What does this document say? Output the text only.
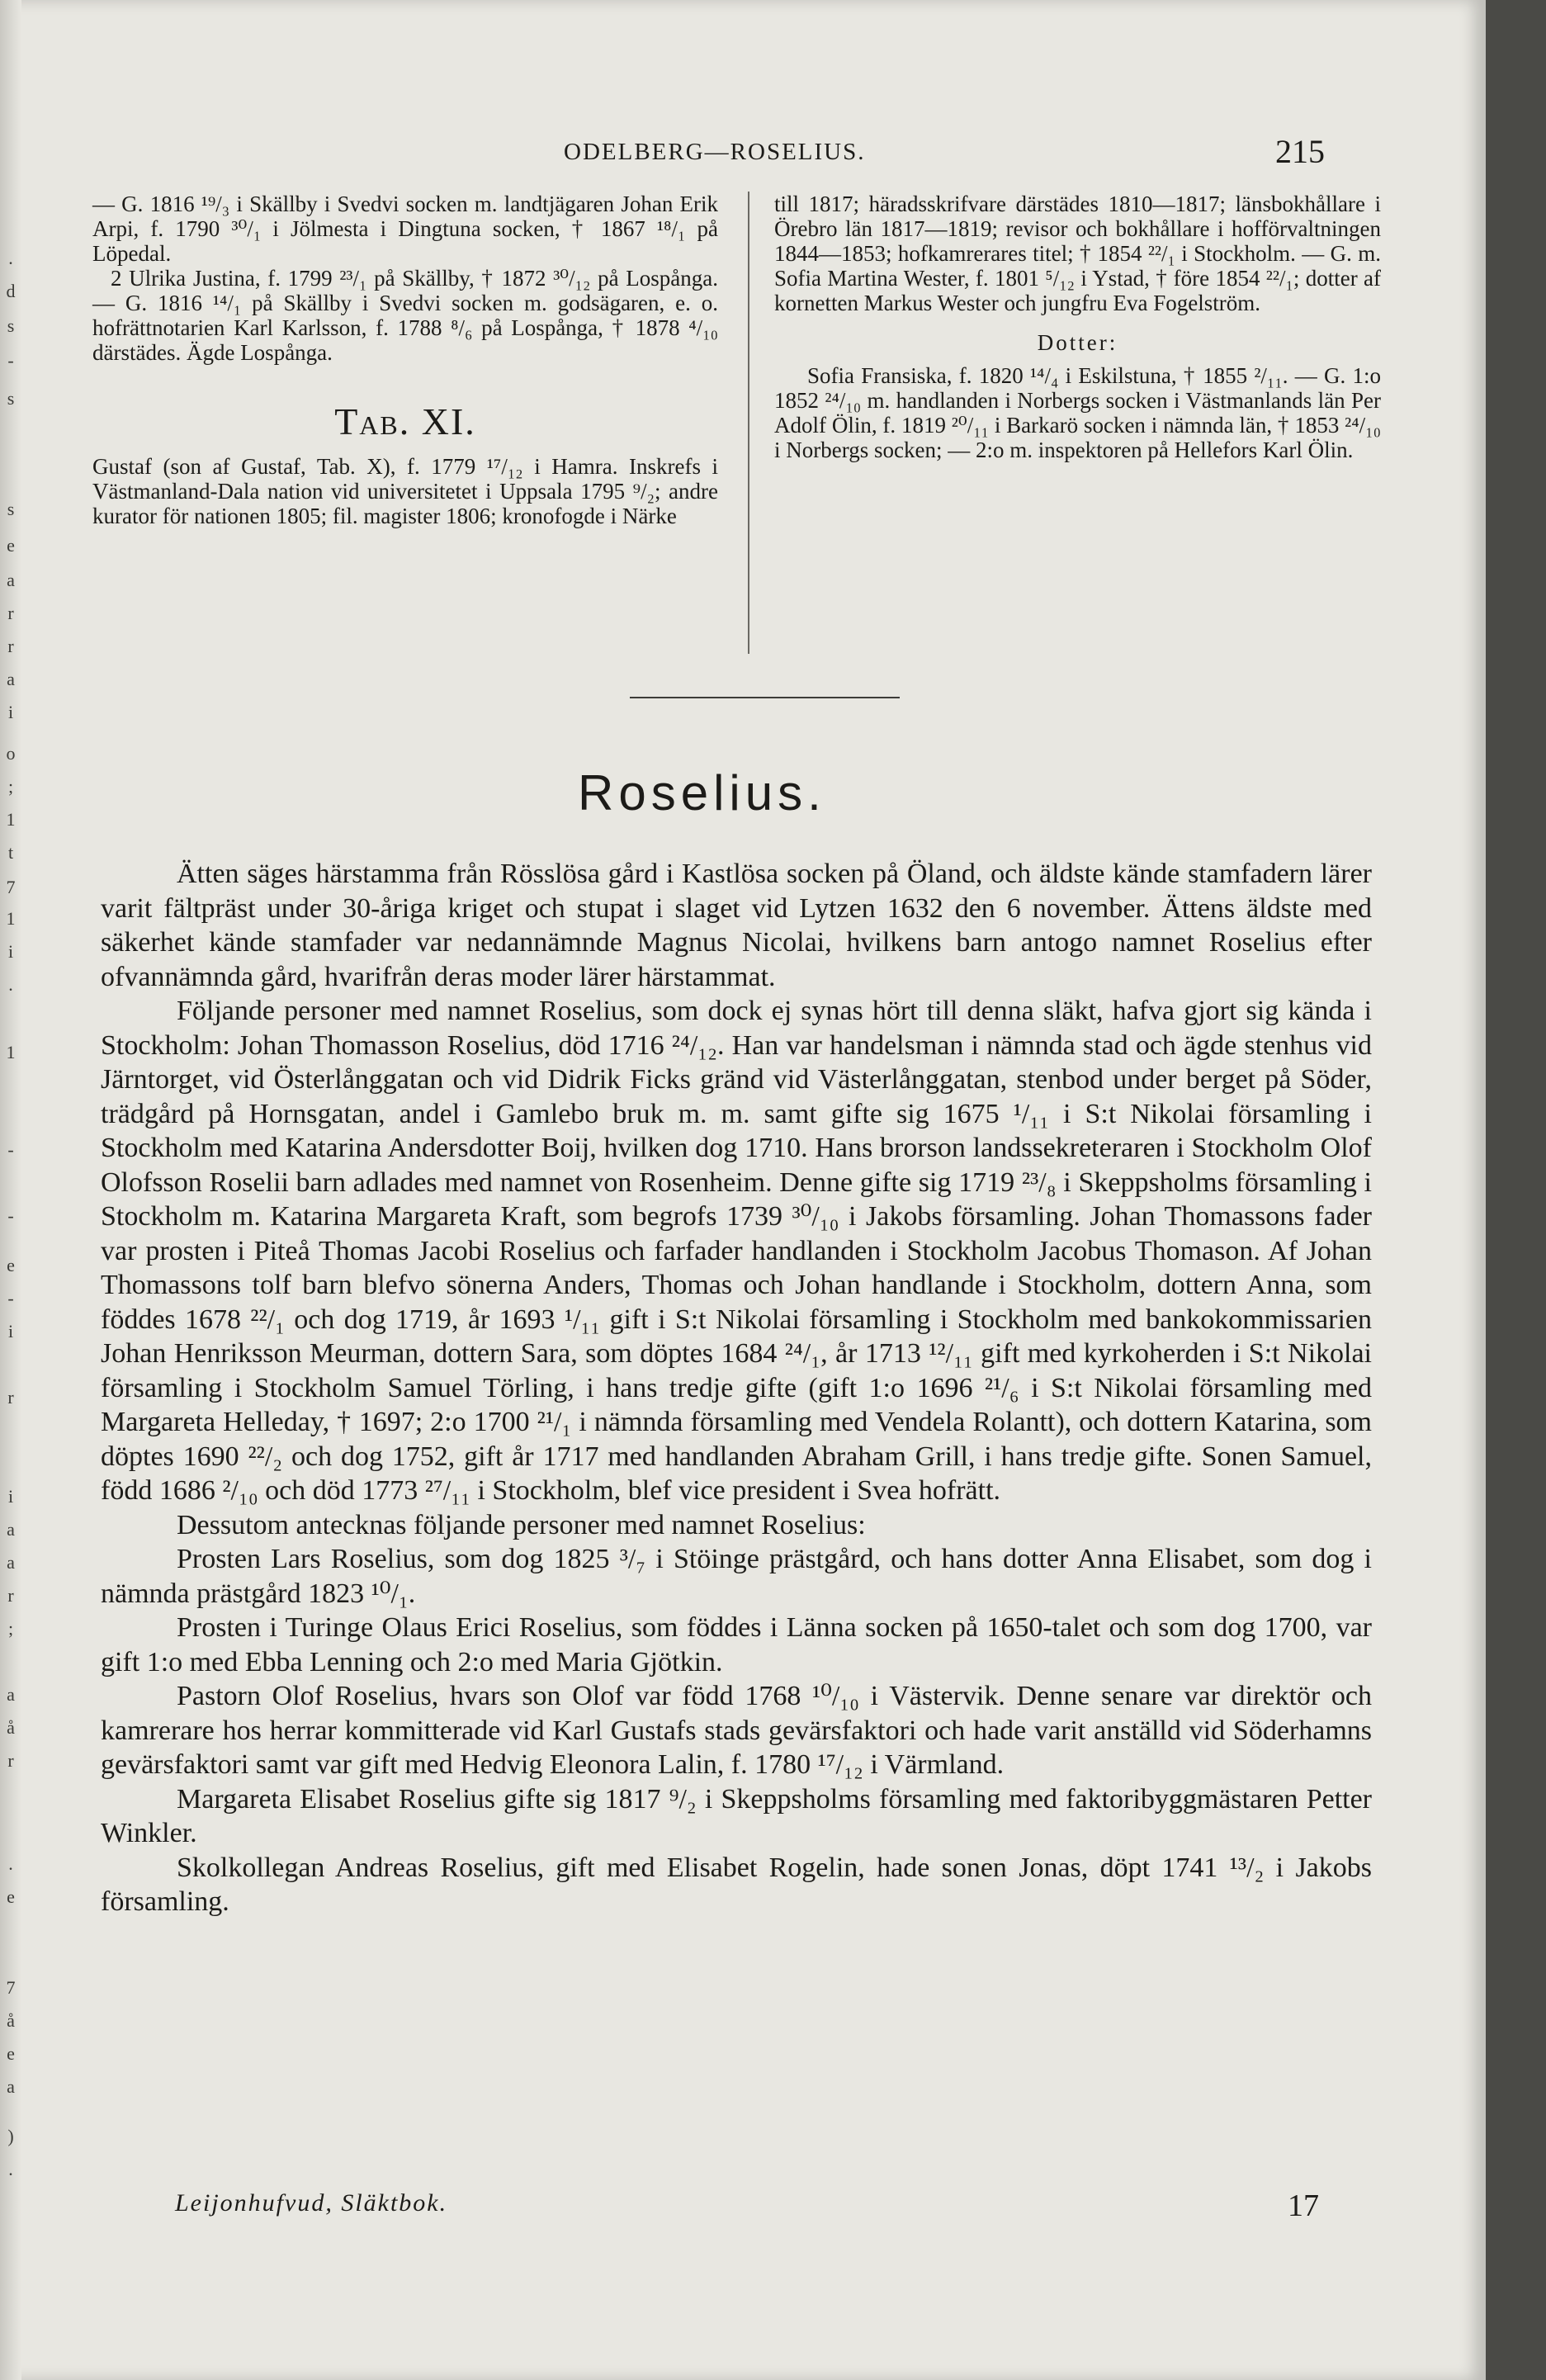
.
d
s
-
s
s
e
a
r
r
a
i
o
;
1
t
7
1
i
.
1
-
-
e
-
i
r
i
a
a
r
;
a
å
r
.
e
7
å
e
a
)
.
ODELBERG—ROSELIUS.	215

— G. 1816 ¹⁹/₃ i Skällby i Svedvi socken m. landtjägaren Johan Erik Arpi, f. 1790 ³⁰/₁ i Jölmesta i Dingtuna socken, † 1867 ¹⁸/₁ på Löpedal.

2 Ulrika Justina, f. 1799 ²³/₁ på Skällby, † 1872 ³⁰/₁₂ på Lospånga. — G. 1816 ¹⁴/₁ på Skällby i Svedvi socken m. godsägaren, e. o. hofrättnotarien Karl Karlsson, f. 1788 ⁸/₆ på Lospånga, † 1878 ⁴/₁₀ därstädes. Ägde Lospånga.

Tab. XI.

Gustaf (son af Gustaf, Tab. X), f. 1779 ¹⁷/₁₂ i Hamra. Inskrefs i Västmanland-Dala nation vid universitetet i Uppsala 1795 ⁹/₂; andre kurator för nationen 1805; fil. magister 1806; kronofogde i Närke

till 1817; häradsskrifvare därstädes 1810—1817; länsbokhållare i Örebro län 1817—1819; revisor och bokhållare i hofförvaltningen 1844—1853; hofkamrerares titel; † 1854 ²²/₁ i Stockholm. — G. m. Sofia Martina Wester, f. 1801 ⁵/₁₂ i Ystad, † före 1854 ²²/₁; dotter af kornetten Markus Wester och jungfru Eva Fogelström.

Dotter:

Sofia Fransiska, f. 1820 ¹⁴/₄ i Eskilstuna, † 1855 ²/₁₁. — G. 1:o 1852 ²⁴/₁₀ m. handlanden i Norbergs socken i Västmanlands län Per Adolf Ölin, f. 1819 ²⁰/₁₁ i Barkarö socken i nämnda län, † 1853 ²⁴/₁₀ i Norbergs socken; — 2:o m. inspektoren på Hellefors Karl Ölin.

Roselius.

Ätten säges härstamma från Rösslösa gård i Kastlösa socken på Öland, och äldste kände stamfadern lärer varit fältpräst under 30-åriga kriget och stupat i slaget vid Lytzen 1632 den 6 november. Ättens äldste med säkerhet kände stamfader var nedannämnde Magnus Nicolai, hvilkens barn antogo namnet Roselius efter ofvannämnda gård, hvarifrån deras moder lärer härstammat.

Följande personer med namnet Roselius, som dock ej synas hört till denna släkt, hafva gjort sig kända i Stockholm: Johan Thomasson Roselius, död 1716 ²⁴/₁₂. Han var handelsman i nämnda stad och ägde stenhus vid Järntorget, vid Österlånggatan och vid Didrik Ficks gränd vid Västerlånggatan, stenbod under berget på Söder, trädgård på Hornsgatan, andel i Gamlebo bruk m. m. samt gifte sig 1675 ¹/₁₁ i S:t Nikolai församling i Stockholm med Katarina Andersdotter Boij, hvilken dog 1710. Hans brorson landssekreteraren i Stockholm Olof Olofsson Roselii barn adlades med namnet von Rosenheim. Denne gifte sig 1719 ²³/₈ i Skeppsholms församling i Stockholm m. Katarina Margareta Kraft, som begrofs 1739 ³⁰/₁₀ i Jakobs församling. Johan Thomassons fader var prosten i Piteå Thomas Jacobi Roselius och farfader handlanden i Stockholm Jacobus Thomason. Af Johan Thomassons tolf barn blefvo sönerna Anders, Thomas och Johan handlande i Stockholm, dottern Anna, som föddes 1678 ²²/₁ och dog 1719, år 1693 ¹/₁₁ gift i S:t Nikolai församling i Stockholm med bankokommissarien Johan Henriksson Meurman, dottern Sara, som döptes 1684 ²⁴/₁, år 1713 ¹²/₁₁ gift med kyrkoherden i S:t Nikolai församling i Stockholm Samuel Törling, i hans tredje gifte (gift 1:o 1696 ²¹/₆ i S:t Nikolai församling med Margareta Helleday, † 1697; 2:o 1700 ²¹/₁ i nämnda församling med Vendela Rolantt), och dottern Katarina, som döptes 1690 ²²/₂ och dog 1752, gift år 1717 med handlanden Abraham Grill, i hans tredje gifte. Sonen Samuel, född 1686 ²/₁₀ och död 1773 ²⁷/₁₁ i Stockholm, blef vice president i Svea hofrätt.

Dessutom antecknas följande personer med namnet Roselius:

Prosten Lars Roselius, som dog 1825 ³/₇ i Stöinge prästgård, och hans dotter Anna Elisabet, som dog i nämnda prästgård 1823 ¹⁰/₁.

Prosten i Turinge Olaus Erici Roselius, som föddes i Länna socken på 1650-talet och som dog 1700, var gift 1:o med Ebba Lenning och 2:o med Maria Gjötkin.

Pastorn Olof Roselius, hvars son Olof var född 1768 ¹⁰/₁₀ i Västervik. Denne senare var direktör och kamrerare hos herrar kommitterade vid Karl Gustafs stads gevärsfaktori och hade varit anställd vid Söderhamns gevärsfaktori samt var gift med Hedvig Eleonora Lalin, f. 1780 ¹⁷/₁₂ i Värmland.

Margareta Elisabet Roselius gifte sig 1817 ⁹/₂ i Skeppsholms församling med faktoribyggmästaren Petter Winkler.

Skolkollegan Andreas Roselius, gift med Elisabet Rogelin, hade sonen Jonas, döpt 1741 ¹³/₂ i Jakobs församling.

Leijonhufvud, Släktbok.	17
